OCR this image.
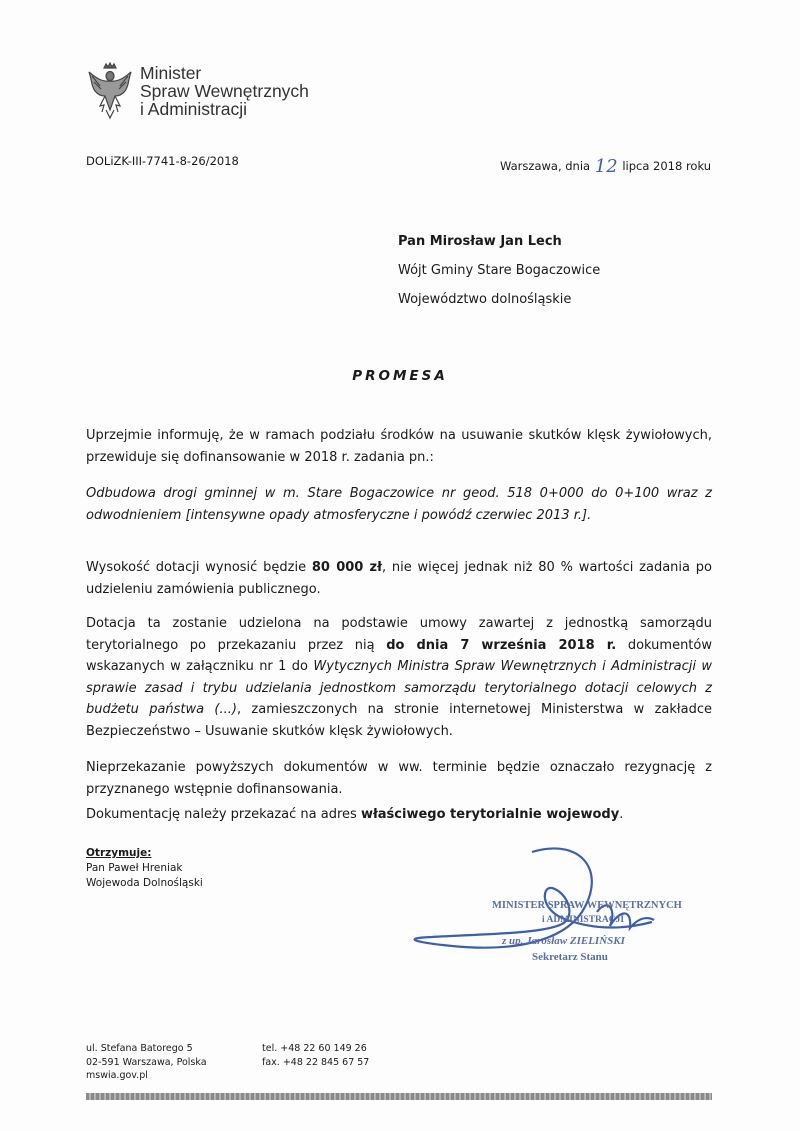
Minister
Spraw Wewnętrznych
i Administracji
DOLiZK-III-7741-8-26/2018	Warszawa, dnia 12 lipca 2018 roku
Pan Mirosław Jan Lech
Wójt Gminy Stare Bogaczowice
Województwo dolnośląskie
PROMESA
Uprzejmie informuję, że w ramach podziału środków na usuwanie skutków klęsk żywiołowych, przewiduje się dofinansowanie w 2018 r. zadania pn.:
Odbudowa drogi gminnej w m. Stare Bogaczowice nr geod. 518 0+000 do 0+100 wraz z odwodnieniem [intensywne opady atmosferyczne i powódź czerwiec 2013 r.].
Wysokość dotacji wynosić będzie 80 000 zł, nie więcej jednak niż 80 % wartości zadania po udzieleniu zamówienia publicznego.
Dotacja ta zostanie udzielona na podstawie umowy zawartej z jednostką samorządu terytorialnego po przekazaniu przez nią do dnia 7 września 2018 r. dokumentów wskazanych w załączniku nr 1 do Wytycznych Ministra Spraw Wewnętrznych i Administracji w sprawie zasad i trybu udzielania jednostkom samorządu terytorialnego dotacji celowych z budżetu państwa (...), zamieszczonych na stronie internetowej Ministerstwa w zakładce Bezpieczeństwo – Usuwanie skutków klęsk żywiołowych.
Nieprzekazanie powyższych dokumentów w ww. terminie będzie oznaczało rezygnację z przyznanego wstępnie dofinansowania.
Dokumentację należy przekazać na adres właściwego terytorialnie wojewody.
Otrzymuje:
Pan Paweł Hreniak
Wojewoda Dolnośląski
MINISTER SPRAW WEWNĘTRZNYCH
i ADMINISTRACJI
z up. Jarosław ZIELIŃSKI
Sekretarz Stanu
ul. Stefana Batorego 5
02-591 Warszawa, Polska
mswia.gov.pl
tel. +48 22 60 149 26
fax. +48 22 845 67 57
